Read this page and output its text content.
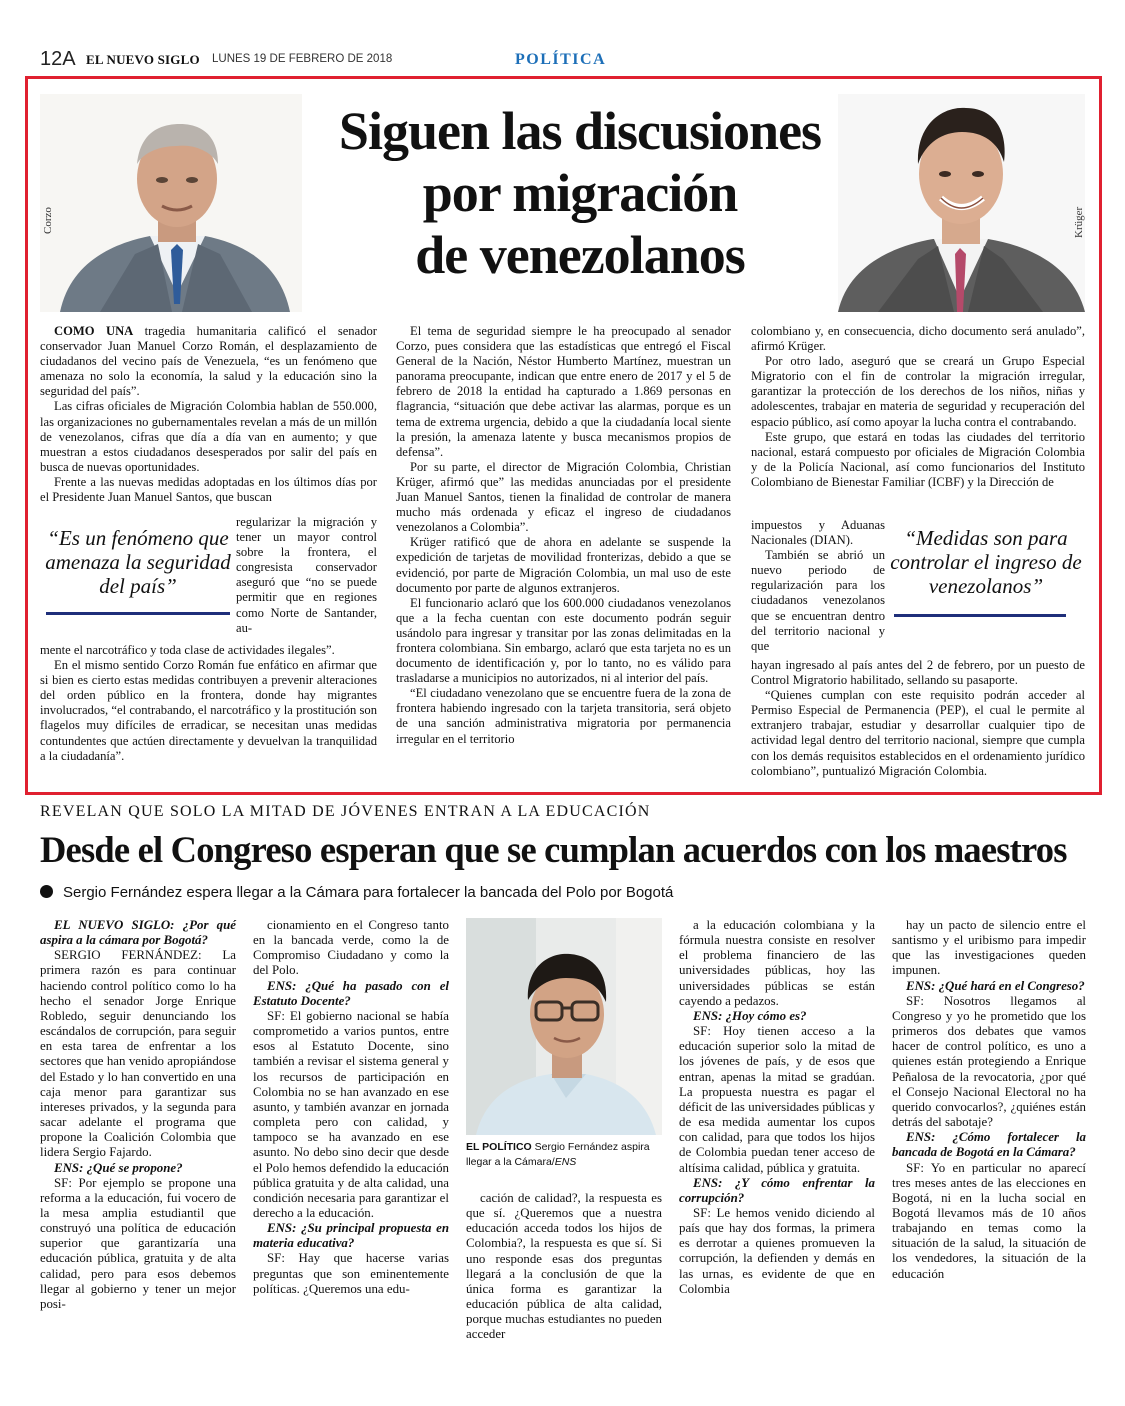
12A EL NUEVO SIGLO LUNES 19 DE FEBRERO DE 2018	POLÍTICA
Corzo	Krüger
Siguen las discusiones
por migración
de venezolanos

COMO UNA tragedia humanitaria calificó el senador conservador Juan Manuel Corzo Román, el desplazamiento de ciudadanos del vecino país de Venezuela, “es un fenómeno que amenaza no solo la economía, la salud y la educación sino la seguridad del país”.

Las cifras oficiales de Migración Colombia hablan de 550.000, las organizaciones no gubernamentales revelan a más de un millón de venezolanos, cifras que día a día van en aumento; y que muestran a estos ciudadanos desesperados por salir del país en busca de nuevas oportunidades.

Frente a las nuevas medidas adoptadas en los últimos días por el Presidente Juan Manuel Santos, que buscan

regularizar la migración y tener un mayor control sobre la frontera, el congresista conservador aseguró que “no se puede permitir que en regiones como Norte de Santander, au-

“Es un fenómeno que amenaza la seguridad del país”

mente el narcotráfico y toda clase de actividades ilegales”.

En el mismo sentido Corzo Román fue enfático en afirmar que si bien es cierto estas medidas contribuyen a prevenir alteraciones del orden público en la frontera, donde hay migrantes involucrados, “el contrabando, el narcotráfico y la prostitución son flagelos muy difíciles de erradicar, se necesitan unas medidas contundentes que actúen directamente y devuelvan la tranquilidad a la ciudadanía”.

El tema de seguridad siempre le ha preocupado al senador Corzo, pues considera que las estadísticas que entregó el Fiscal General de la Nación, Néstor Humberto Martínez, muestran un panorama preocupante, indican que entre enero de 2017 y el 5 de febrero de 2018 la entidad ha capturado a 1.869 personas en flagrancia, “situación que debe activar las alarmas, porque es un tema de extrema urgencia, debido a que la ciudadanía local siente la presión, la amenaza latente y busca mecanismos propios de defensa”.

Por su parte, el director de Migración Colombia, Christian Krüger, afirmó que” las medidas anunciadas por el presidente Juan Manuel Santos, tienen la finalidad de controlar de manera mucho más ordenada y eficaz el ingreso de ciudadanos venezolanos a Colombia”.

Krüger ratificó que de ahora en adelante se suspende la expedición de tarjetas de movilidad fronterizas, debido a que se evidenció, por parte de Migración Colombia, un mal uso de este documento por parte de algunos extranjeros.

El funcionario aclaró que los 600.000 ciudadanos venezolanos que a la fecha cuentan con este documento podrán seguir usándolo para ingresar y transitar por las zonas delimitadas en la frontera colombiana. Sin embargo, aclaró que esta tarjeta no es un documento de identificación y, por lo tanto, no es válido para trasladarse a municipios no autorizados, ni al interior del país.

“El ciudadano venezolano que se encuentre fuera de la zona de frontera habiendo ingresado con la tarjeta transitoria, será objeto de una sanción administrativa migratoria por permanencia irregular en el territorio

colombiano y, en consecuencia, dicho documento será anulado”, afirmó Krüger.

Por otro lado, aseguró que se creará un Grupo Especial Migratorio con el fin de controlar la migración irregular, garantizar la protección de los derechos de los niños, niñas y adolescentes, trabajar en materia de seguridad y recuperación del espacio público, así como apoyar la lucha contra el contrabando.

Este grupo, que estará en todas las ciudades del territorio nacional, estará compuesto por oficiales de Migración Colombia y de la Policía Nacional, así como funcionarios del Instituto Colombiano de Bienestar Familiar (ICBF) y la Dirección de

impuestos y Aduanas Nacionales (DIAN).

También se abrió un nuevo periodo de regularización para los ciudadanos venezolanos que se encuentran dentro del territorio nacional y que

“Medidas son para controlar el ingreso de venezolanos”

hayan ingresado al país antes del 2 de febrero, por un puesto de Control Migratorio habilitado, sellando su pasaporte.

“Quienes cumplan con este requisito podrán acceder al Permiso Especial de Permanencia (PEP), el cual le permite al extranjero trabajar, estudiar y desarrollar cualquier tipo de actividad legal dentro del territorio nacional, siempre que cumpla con los demás requisitos establecidos en el ordenamiento jurídico colombiano”, puntualizó Migración Colombia.

REVELAN QUE SOLO LA MITAD DE JÓVENES ENTRAN A LA EDUCACIÓN
Desde el Congreso esperan que se cumplan acuerdos con los maestros
Sergio Fernández espera llegar a la Cámara para fortalecer la bancada del Polo por Bogotá

EL NUEVO SIGLO: ¿Por qué aspira a la cámara por Bogotá?

SERGIO FERNÁNDEZ: La primera razón es para continuar haciendo control político como lo ha hecho el senador Jorge Enrique Robledo, seguir denunciando los escándalos de corrupción, para seguir en esta tarea de enfrentar a los sectores que han venido apropiándose del Estado y lo han convertido en una caja menor para garantizar sus intereses privados, y la segunda para sacar adelante el programa que propone la Coalición Colombia que lidera Sergio Fajardo.

ENS: ¿Qué se propone?

SF: Por ejemplo se propone una reforma a la educación, fui vocero de la mesa amplia estudiantil que construyó una política de educación superior que garantizaría una educación pública, gratuita y de alta calidad, pero para esos debemos llegar al gobierno y tener un mejor posi-

cionamiento en el Congreso tanto en la bancada verde, como la de Compromiso Ciudadano y como la del Polo.

ENS: ¿Qué ha pasado con el Estatuto Docente?

SF: El gobierno nacional se había comprometido a varios puntos, entre esos al Estatuto Docente, sino también a revisar el sistema general y los recursos de participación en Colombia no se han avanzado en ese asunto, y también avanzar en jornada completa pero con calidad, y tampoco se ha avanzado en ese asunto. No debo sino decir que desde el Polo hemos defendido la educación pública gratuita y de alta calidad, una condición necesaria para garantizar el derecho a la educación.

ENS: ¿Su principal propuesta en materia educativa?

SF: Hay que hacerse varias preguntas que son eminentemente políticas. ¿Queremos una edu-

EL POLÍTICO Sergio Fernández aspira llegar a la Cámara/ENS

cación de calidad?, la respuesta es que sí. ¿Queremos que a nuestra educación acceda todos los hijos de Colombia?, la respuesta es que sí. Si uno responde esas dos preguntas llegará a la conclusión de que la única forma es garantizar la educación pública de alta calidad, porque muchas estudiantes no pueden acceder

a la educación colombiana y la fórmula nuestra consiste en resolver el problema financiero de las universidades públicas, hoy las universidades públicas se están cayendo a pedazos.

ENS: ¿Hoy cómo es?

SF: Hoy tienen acceso a la educación superior solo la mitad de los jóvenes de país, y de esos que entran, apenas la mitad se gradúan. La propuesta nuestra es pagar el déficit de las universidades públicas y de esa medida aumentar los cupos con calidad, para que todos los hijos de Colombia puedan tener acceso de altísima calidad, pública y gratuita.

ENS: ¿Y cómo enfrentar la corrupción?

SF: Le hemos venido diciendo al país que hay dos formas, la primera es derrotar a quienes promueven la corrupción, la defienden y demás en las urnas, es evidente de que en Colombia

hay un pacto de silencio entre el santismo y el uribismo para impedir que las investigaciones queden impunen.

ENS: ¿Qué hará en el Congreso?

SF: Nosotros llegamos al Congreso y yo he prometido que los primeros dos debates que vamos hacer de control político, es uno a quienes están protegiendo a Enrique Peñalosa de la revocatoria, ¿por qué el Consejo Nacional Electoral no ha querido convocarlos?, ¿quiénes están detrás del sabotaje?

ENS: ¿Cómo fortalecer la bancada de Bogotá en la Cámara?

SF: Yo en particular no aparecí tres meses antes de las elecciones en Bogotá, ni en la lucha social en Bogotá llevamos más de 10 años trabajando en temas como la situación de la salud, la situación de los vendedores, la situación de la educación
